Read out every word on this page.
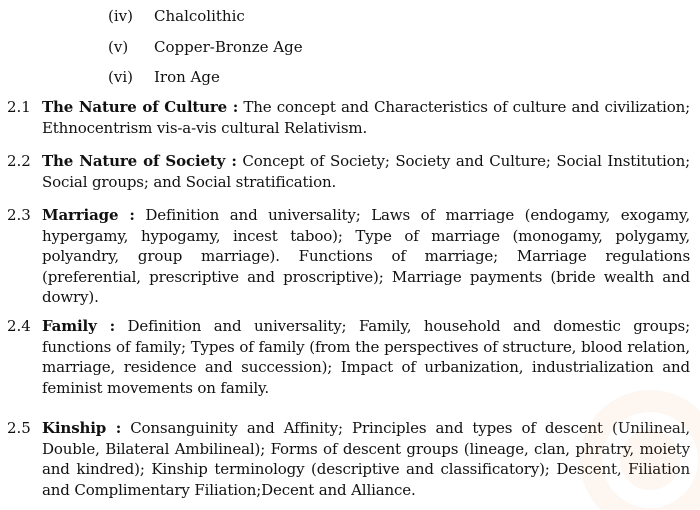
(iv) Chalcolithic
(v) Copper-Bronze Age
(vi) Iron Age
2.1 The Nature of Culture : The concept and Characteristics of culture and civilization; Ethnocentrism vis-a-vis cultural Relativism.
2.2 The Nature of Society : Concept of Society; Society and Culture; Social Institution; Social groups; and Social stratification.
2.3 Marriage : Definition and universality; Laws of marriage (endogamy, exogamy, hypergamy, hypogamy, incest taboo); Type of marriage (monogamy, polygamy, polyandry, group marriage). Functions of marriage; Marriage regulations (preferential, prescriptive and proscriptive); Marriage payments (bride wealth and dowry).
2.4 Family : Definition and universality; Family, household and domestic groups; functions of family; Types of family (from the perspectives of structure, blood relation, marriage, residence and succession); Impact of urbanization, industrialization and feminist movements on family.
2.5 Kinship : Consanguinity and Affinity; Principles and types of descent (Unilineal, Double, Bilateral Ambilineal); Forms of descent groups (lineage, clan, phratry, moiety and kindred); Kinship terminology (descriptive and classificatory); Descent, Filiation and Complimentary Filiation;Decent and Alliance.
